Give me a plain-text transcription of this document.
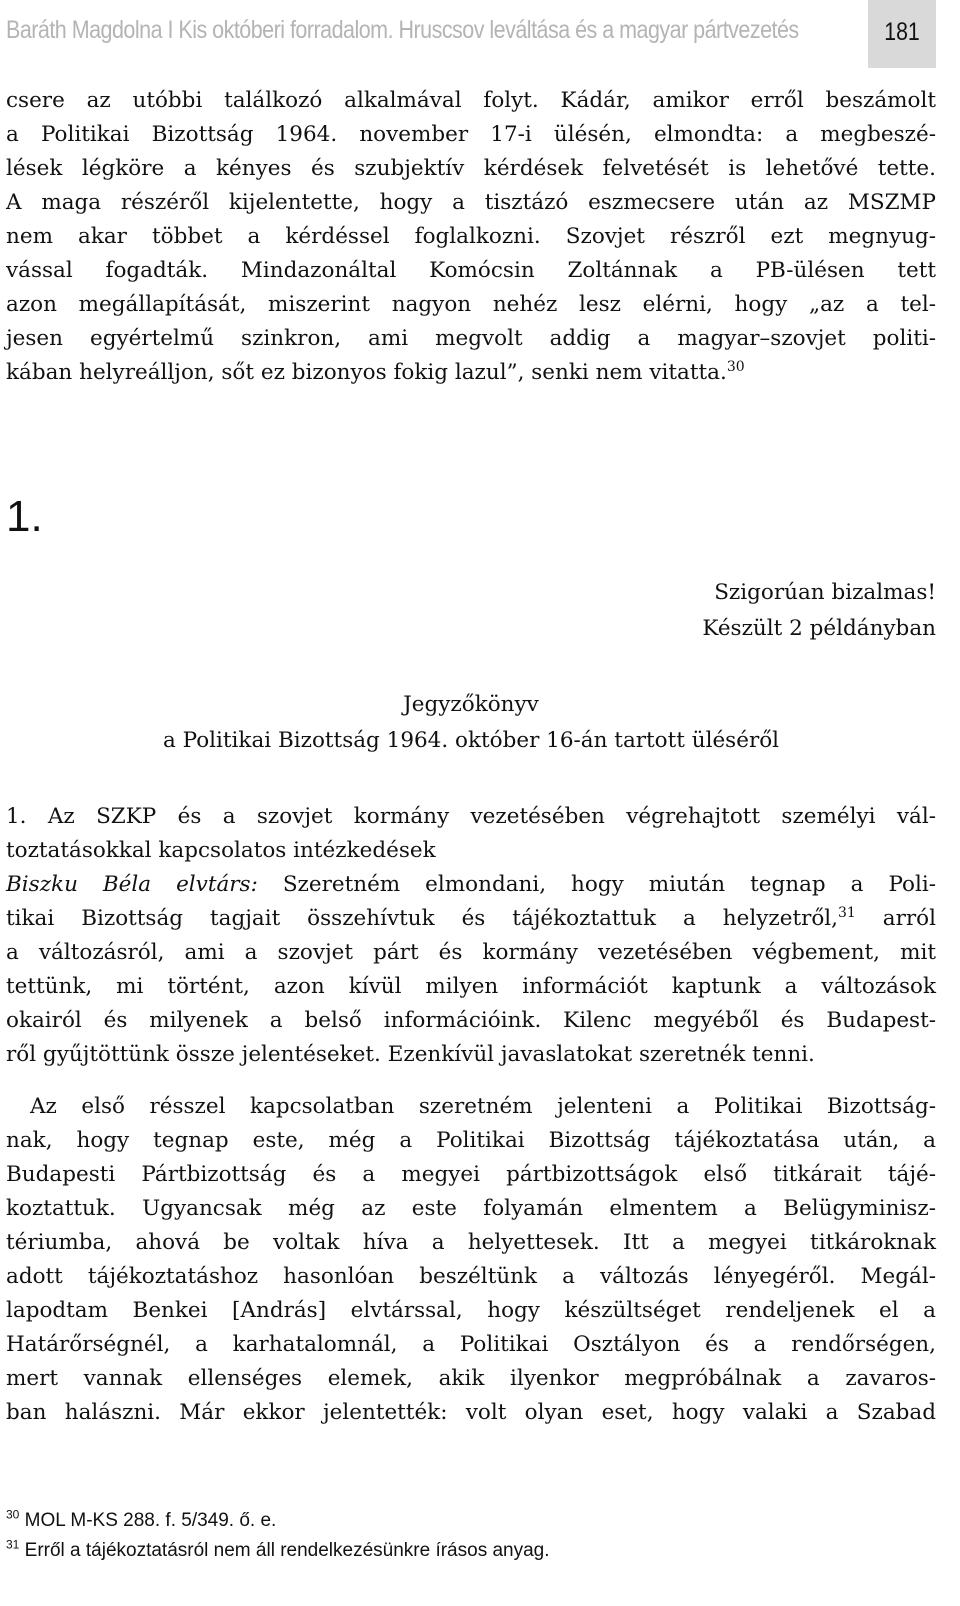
Baráth Magdolna I Kis októberi forradalom. Hruscsov leváltása és a magyar pártvezetés	181
csere az utóbbi találkozó alkalmával folyt. Kádár, amikor erről beszámolt
a Politikai Bizottság 1964. november 17-i ülésén, elmondta: a megbeszé-
lések légköre a kényes és szubjektív kérdések felvetését is lehetővé tette.
A maga részéről kijelentette, hogy a tisztázó eszmecsere után az MSZMP
nem akar többet a kérdéssel foglalkozni. Szovjet részről ezt megnyug-
vással fogadták. Mindazonáltal Komócsin Zoltánnak a PB-ülésen tett
azon megállapítását, miszerint nagyon nehéz lesz elérni, hogy „az a tel-
jesen egyértelmű szinkron, ami megvolt addig a magyar–szovjet politi-
kában helyreálljon, sőt ez bizonyos fokig lazul”, senki nem vitatta.$^{30}$
1.
Szigorúan bizalmas!
Készült 2 példányban
Jegyzőkönyv
a Politikai Bizottság 1964. október 16-án tartott üléséről
1. Az SZKP és a szovjet kormány vezetésében végrehajtott személyi vál-
toztatásokkal kapcsolatos intézkedések
Biszku Béla elvtárs: Szeretném elmondani, hogy miután tegnap a Poli-
tikai Bizottság tagjait összehívtuk és tájékoztattuk a helyzetről,$^{31}$ arról
a változásról, ami a szovjet párt és kormány vezetésében végbement, mit
tettünk, mi történt, azon kívül milyen információt kaptunk a változások
okairól és milyenek a belső információink. Kilenc megyéből és Budapest-
ről gyűjtöttünk össze jelentéseket. Ezenkívül javaslatokat szeretnék tenni.
Az első résszel kapcsolatban szeretném jelenteni a Politikai Bizottság-
nak, hogy tegnap este, még a Politikai Bizottság tájékoztatása után, a
Budapesti Pártbizottság és a megyei pártbizottságok első titkárait tájé-
koztattuk. Ugyancsak még az este folyamán elmentem a Belügyminisz-
tériumba, ahová be voltak híva a helyettesek. Itt a megyei titkároknak
adott tájékoztatáshoz hasonlóan beszéltünk a változás lényegéről. Megál-
lapodtam Benkei [András] elvtárssal, hogy készültséget rendeljenek el a
Határőrségnél, a karhatalomnál, a Politikai Osztályon és a rendőrségen,
mert vannak ellenséges elemek, akik ilyenkor megpróbálnak a zavaros-
ban halászni. Már ekkor jelentették: volt olyan eset, hogy valaki a Szabad
$^{30}$ MOL M-KS 288. f. 5/349. ő. e.
$^{31}$ Erről a tájékoztatásról nem áll rendelkezésünkre írásos anyag.
